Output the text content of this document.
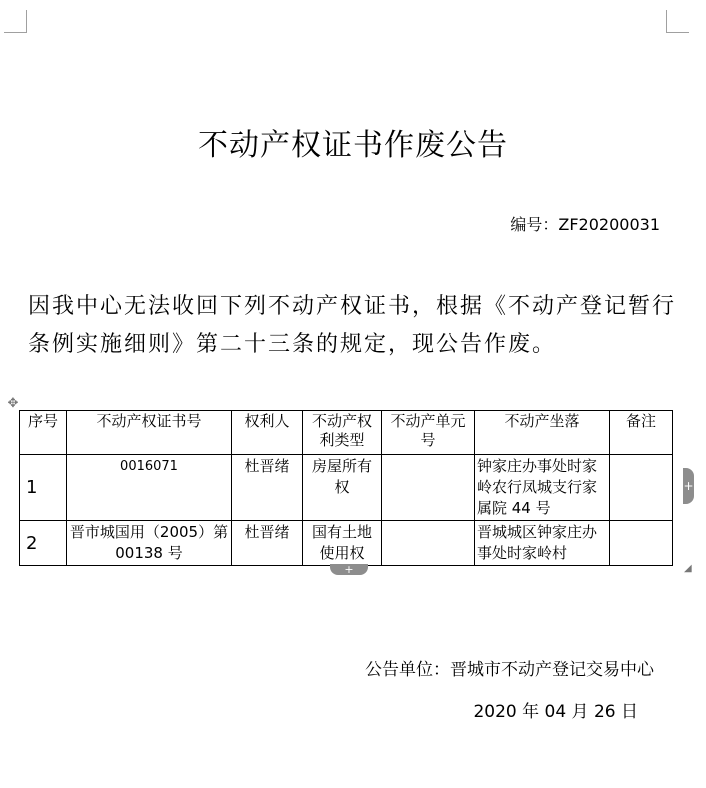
不动产权证书作废公告
编号：ZF20200031
因我中心无法收回下列不动产权证书，根据《不动产登记暂行条例实施细则》第二十三条的规定，现公告作废。
✥
序号	不动产权证书号	权利人	不动产权利类型	不动产单元号	不动产坐落	备注
1	0016071	杜晋绪	房屋所有权		钟家庄办事处时家岭农行凤城支行家属院 44 号	
2	晋市城国用（2005）第 00138 号	杜晋绪	国有土地使用权		晋城城区钟家庄办事处时家岭村	
+
+	◢
公告单位：晋城市不动产登记交易中心
2020 年 04 月 26 日
